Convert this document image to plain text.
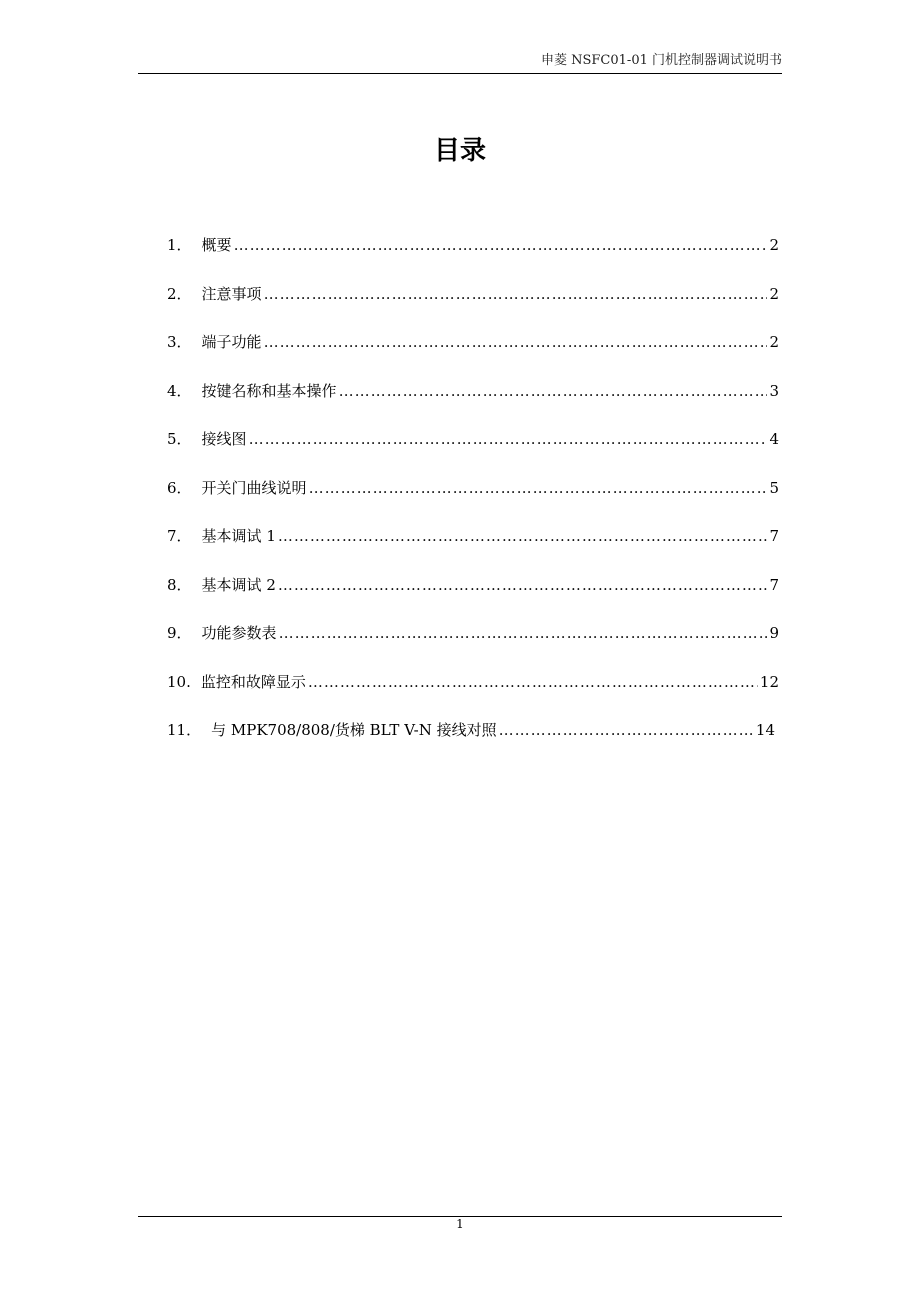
申菱 NSFC01-01 门机控制器调试说明书
目录
1． 概要 ……………………………………………………………………………………………………………………………………………………	2
2． 注意事项 ……………………………………………………………………………………………………………………………………………………	2
3． 端子功能 ……………………………………………………………………………………………………………………………………………………	2
4． 按键名称和基本操作 ……………………………………………………………………………………………………………………………………………………	3
5． 接线图 ……………………………………………………………………………………………………………………………………………………	4
6． 开关门曲线说明 ……………………………………………………………………………………………………………………………………………………	5
7． 基本调试 1 ……………………………………………………………………………………………………………………………………………………	7
8． 基本调试 2 ……………………………………………………………………………………………………………………………………………………	7
9． 功能参数表 ……………………………………………………………………………………………………………………………………………………	9
10. 监控和故障显示 ……………………………………………………………………………………………………………………………………………………	12
11． 与 MPK708/808/货梯 BLT V-N 接线对照 ……………………………………………………………………………………………………………………………………………………	14
1
